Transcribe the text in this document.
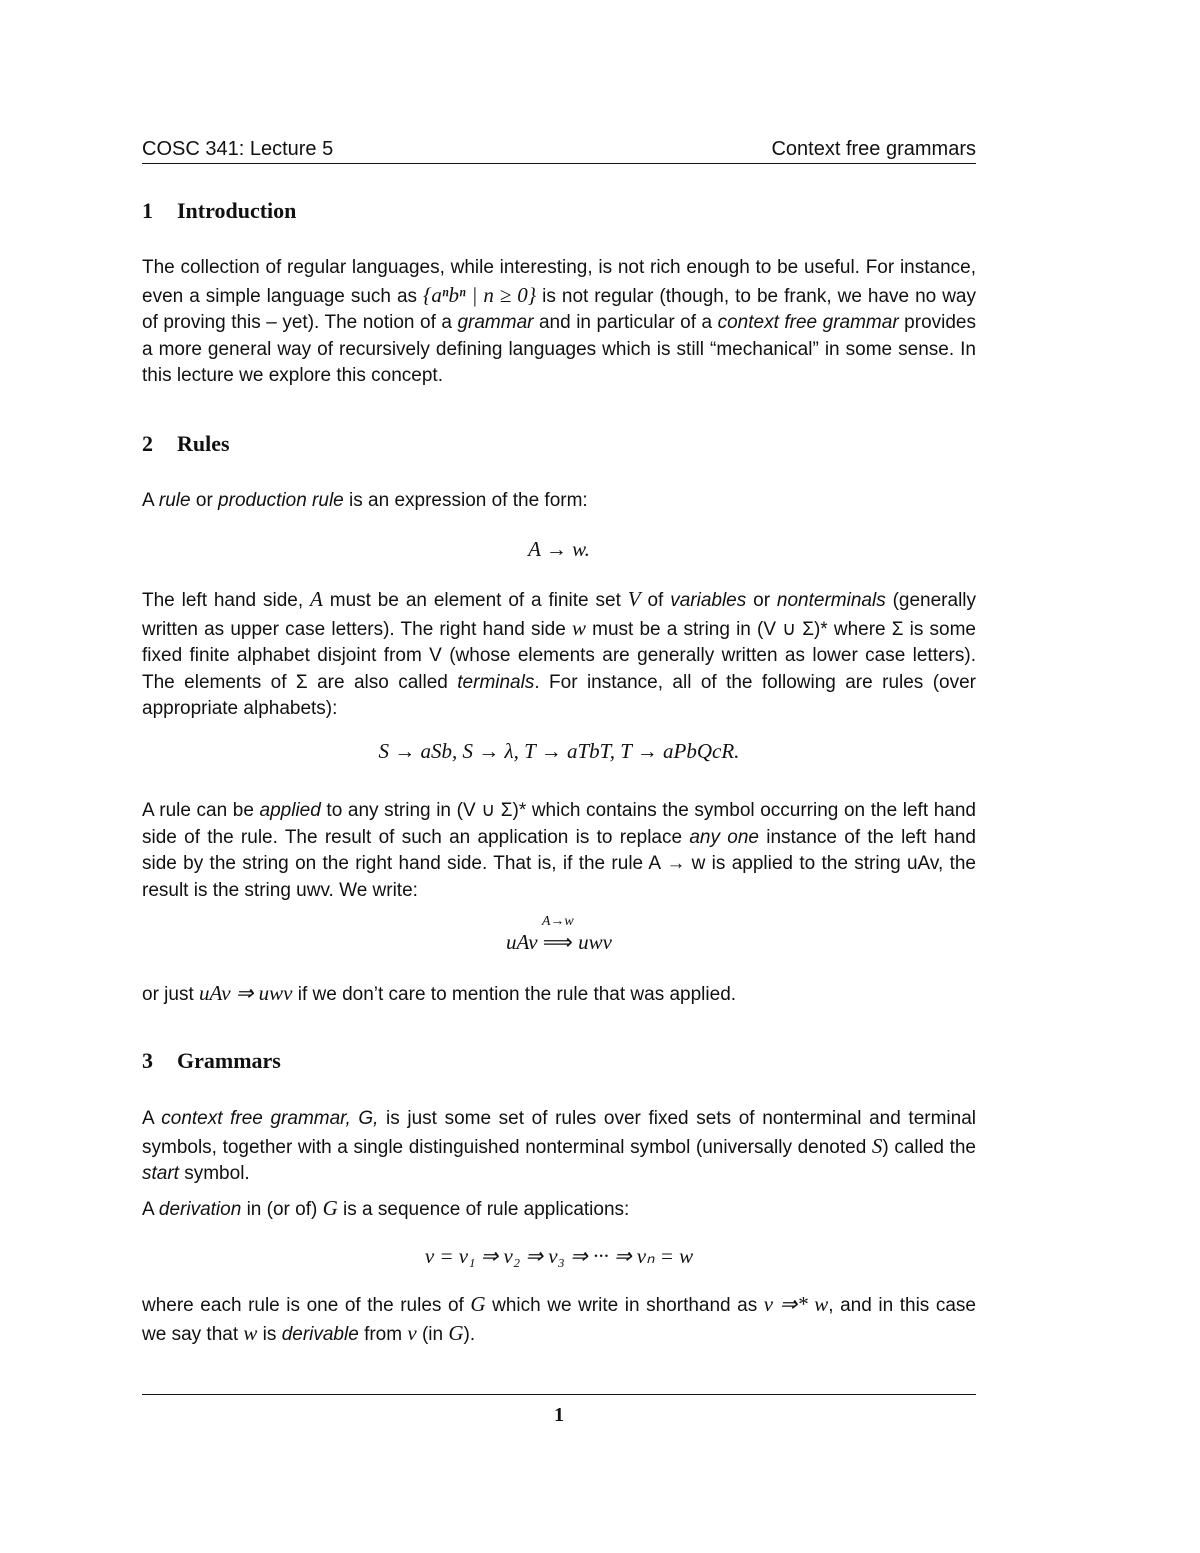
COSC 341: Lecture 5	Context free grammars
1 Introduction

The collection of regular languages, while interesting, is not rich enough to be useful. For instance, even a simple language such as {aⁿbⁿ | n ≥ 0} is not regular (though, to be frank, we have no way of proving this – yet). The notion of a grammar and in particular of a context free grammar provides a more general way of recursively defining languages which is still “mechanical” in some sense. In this lecture we explore this concept.

2 Rules

A rule or production rule is an expression of the form:

A → w.

The left hand side, A must be an element of a finite set V of variables or nonterminals (generally written as upper case letters). The right hand side w must be a string in (V ∪ Σ)* where Σ is some fixed finite alphabet disjoint from V (whose elements are generally written as lower case letters). The elements of Σ are also called terminals. For instance, all of the following are rules (over appropriate alphabets):

S → aSb, S → λ, T → aTbT, T → aPbQcR.

A rule can be applied to any string in (V ∪ Σ)* which contains the symbol occurring on the left hand side of the rule. The result of such an application is to replace any one instance of the left hand side by the string on the right hand side. That is, if the rule A → w is applied to the string uAv, the result is the string uwv. We write:

uAv
A→w
⟹ uwv

or just uAv ⇒ uwv if we don’t care to mention the rule that was applied.

3 Grammars

A context free grammar, G, is just some set of rules over fixed sets of nonterminal and terminal symbols, together with a single distinguished nonterminal symbol (universally denoted S) called the start symbol.

A derivation in (or of) G is a sequence of rule applications:

v = v₁ ⇒ v₂ ⇒ v₃ ⇒ ··· ⇒ vₙ = w

where each rule is one of the rules of G which we write in shorthand as v ⇒* w, and in this case we say that w is derivable from v (in G).

1
